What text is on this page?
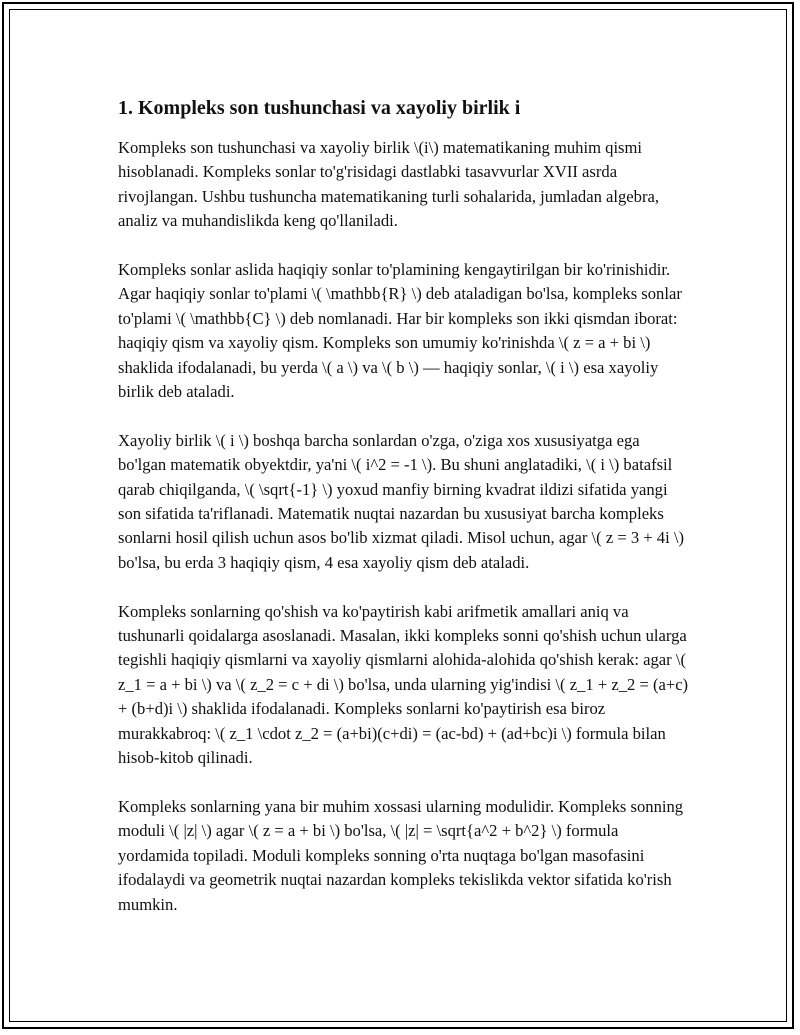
1. Kompleks son tushunchasi va xayoliy birlik i

Kompleks son tushunchasi va xayoliy birlik \(i\) matematikaning muhim qismi hisoblanadi. Kompleks sonlar to'g'risidagi dastlabki tasavvurlar XVII asrda rivojlangan. Ushbu tushuncha matematikaning turli sohalarida, jumladan algebra, analiz va muhandislikda keng qo'llaniladi.

Kompleks sonlar aslida haqiqiy sonlar to'plamining kengaytirilgan bir ko'rinishidir. Agar haqiqiy sonlar to'plami \( \mathbb{R} \) deb ataladigan bo'lsa, kompleks sonlar to'plami \( \mathbb{C} \) deb nomlanadi. Har bir kompleks son ikki qismdan iborat: haqiqiy qism va xayoliy qism. Kompleks son umumiy ko'rinishda \( z = a + bi \) shaklida ifodalanadi, bu yerda \( a \) va \( b \) — haqiqiy sonlar, \( i \) esa xayoliy birlik deb ataladi.

Xayoliy birlik \( i \) boshqa barcha sonlardan o'zga, o'ziga xos xususiyatga ega bo'lgan matematik obyektdir, ya'ni \( i^2 = -1 \). Bu shuni anglatadiki, \( i \) batafsil qarab chiqilganda, \( \sqrt{-1} \) yoxud manfiy birning kvadrat ildizi sifatida yangi son sifatida ta'riflanadi. Matematik nuqtai nazardan bu xususiyat barcha kompleks sonlarni hosil qilish uchun asos bo'lib xizmat qiladi. Misol uchun, agar \( z = 3 + 4i \) bo'lsa, bu erda 3 haqiqiy qism, 4 esa xayoliy qism deb ataladi.

Kompleks sonlarning qo'shish va ko'paytirish kabi arifmetik amallari aniq va tushunarli qoidalarga asoslanadi. Masalan, ikki kompleks sonni qo'shish uchun ularga tegishli haqiqiy qismlarni va xayoliy qismlarni alohida-alohida qo'shish kerak: agar \( z_1 = a + bi \) va \( z_2 = c + di \) bo'lsa, unda ularning yig'indisi \( z_1 + z_2 = (a+c) + (b+d)i \) shaklida ifodalanadi. Kompleks sonlarni ko'paytirish esa biroz murakkabroq: \( z_1 \cdot z_2 = (a+bi)(c+di) = (ac-bd) + (ad+bc)i \) formula bilan hisob-kitob qilinadi.

Kompleks sonlarning yana bir muhim xossasi ularning modulidir. Kompleks sonning moduli \( |z| \) agar \( z = a + bi \) bo'lsa, \( |z| = \sqrt{a^2 + b^2} \) formula yordamida topiladi. Moduli kompleks sonning o'rta nuqtaga bo'lgan masofasini ifodalaydi va geometrik nuqtai nazardan kompleks tekislikda vektor sifatida ko'rish mumkin.
